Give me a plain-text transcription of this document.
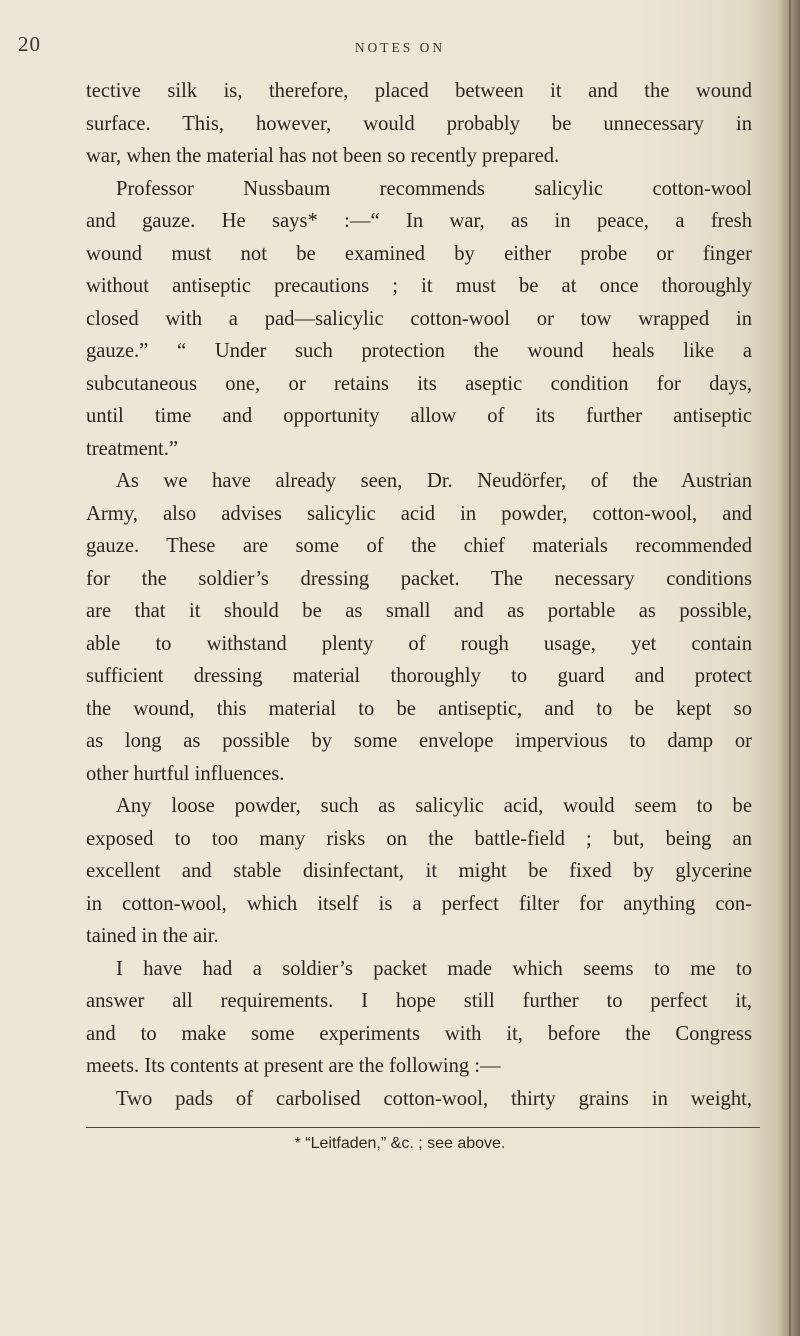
20	NOTES ON
tective silk is, therefore, placed between it and the wound
surface. This, however, would probably be unnecessary in
war, when the material has not been so recently prepared.
Professor Nussbaum recommends salicylic cotton-wool
and gauze. He says* :—“ In war, as in peace, a fresh
wound must not be examined by either probe or finger
without antiseptic precautions ; it must be at once thoroughly
closed with a pad—salicylic cotton-wool or tow wrapped in
gauze.” “ Under such protection the wound heals like a
subcutaneous one, or retains its aseptic condition for days,
until time and opportunity allow of its further antiseptic
treatment.”
As we have already seen, Dr. Neudörfer, of the Austrian
Army, also advises salicylic acid in powder, cotton-wool, and
gauze. These are some of the chief materials recommended
for the soldier’s dressing packet. The necessary conditions
are that it should be as small and as portable as possible,
able to withstand plenty of rough usage, yet contain
sufficient dressing material thoroughly to guard and protect
the wound, this material to be antiseptic, and to be kept so
as long as possible by some envelope impervious to damp or
other hurtful influences.
Any loose powder, such as salicylic acid, would seem to be
exposed to too many risks on the battle-field ; but, being an
excellent and stable disinfectant, it might be fixed by glycerine
in cotton-wool, which itself is a perfect filter for anything con-
tained in the air.
I have had a soldier’s packet made which seems to me to
answer all requirements. I hope still further to perfect it,
and to make some experiments with it, before the Congress
meets. Its contents at present are the following :—
Two pads of carbolised cotton-wool, thirty grains in weight,
* “Leitfaden,” &c. ; see above.
